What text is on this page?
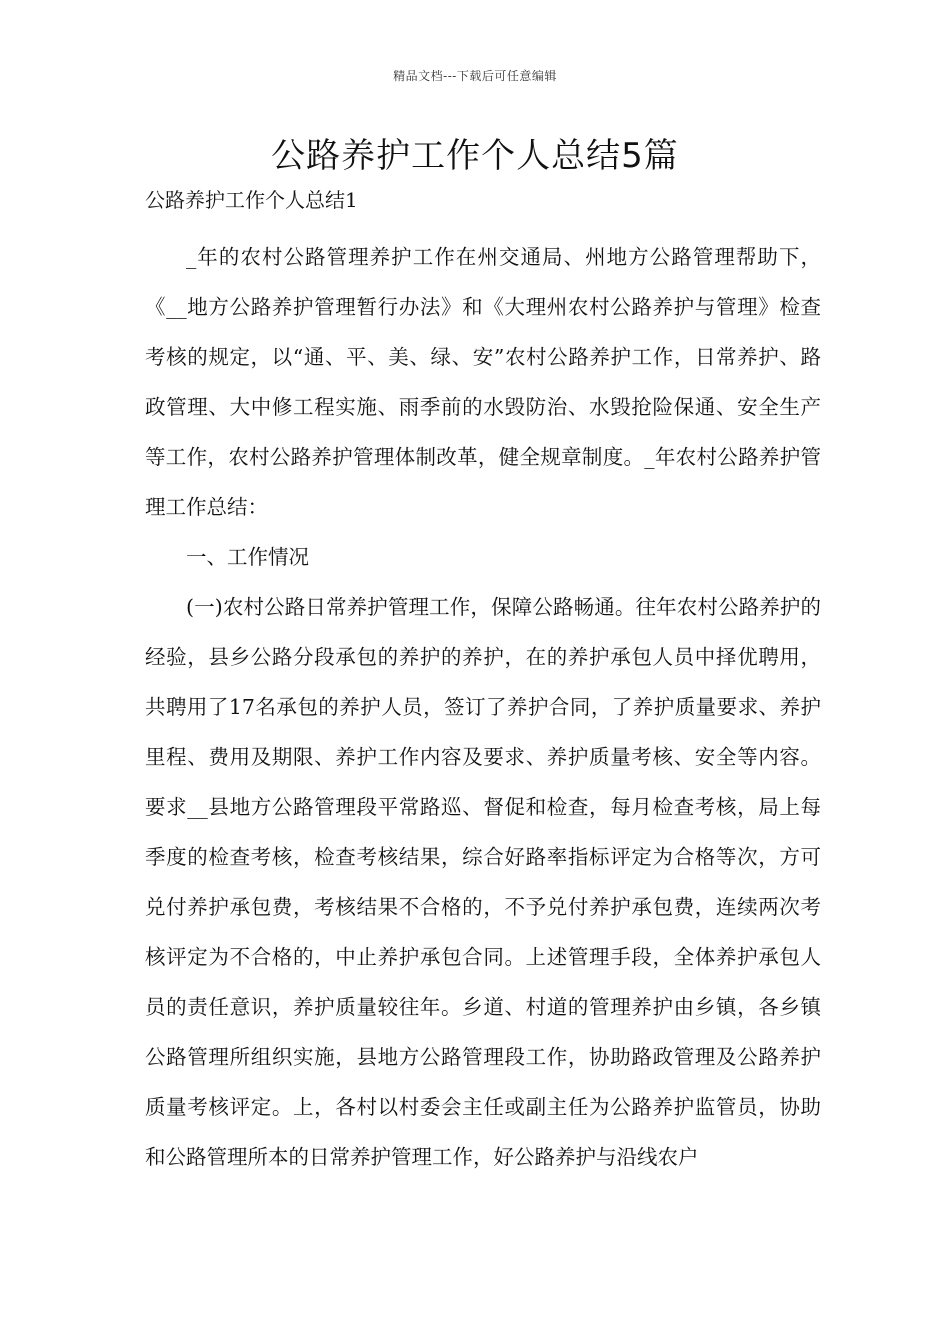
精品文档---下载后可任意编辑
公路养护工作个人总结5篇
公路养护工作个人总结1

_年的农村公路管理养护工作在州交通局、州地方公路管理帮助下，《__地方公路养护管理暂行办法》和《大理州农村公路养护与管理》检查考核的规定，以“通、平、美、绿、安”农村公路养护工作，日常养护、路政管理、大中修工程实施、雨季前的水毁防治、水毁抢险保通、安全生产等工作，农村公路养护管理体制改革，健全规章制度。_年农村公路养护管理工作总结：

一、工作情况

(一)农村公路日常养护管理工作，保障公路畅通。往年农村公路养护的经验，县乡公路分段承包的养护的养护，在的养护承包人员中择优聘用，共聘用了17名承包的养护人员，签订了养护合同，了养护质量要求、养护里程、费用及期限、养护工作内容及要求、养护质量考核、安全等内容。要求__县地方公路管理段平常路巡、督促和检查，每月检查考核，局上每季度的检查考核，检查考核结果，综合好路率指标评定为合格等次，方可兑付养护承包费，考核结果不合格的，不予兑付养护承包费，连续两次考核评定为不合格的，中止养护承包合同。上述管理手段，全体养护承包人员的责任意识，养护质量较往年。乡道、村道的管理养护由乡镇，各乡镇公路管理所组织实施，县地方公路管理段工作，协助路政管理及公路养护质量考核评定。上，各村以村委会主任或副主任为公路养护监管员，协助和公路管理所本的日常养护管理工作，好公路养护与沿线农户
